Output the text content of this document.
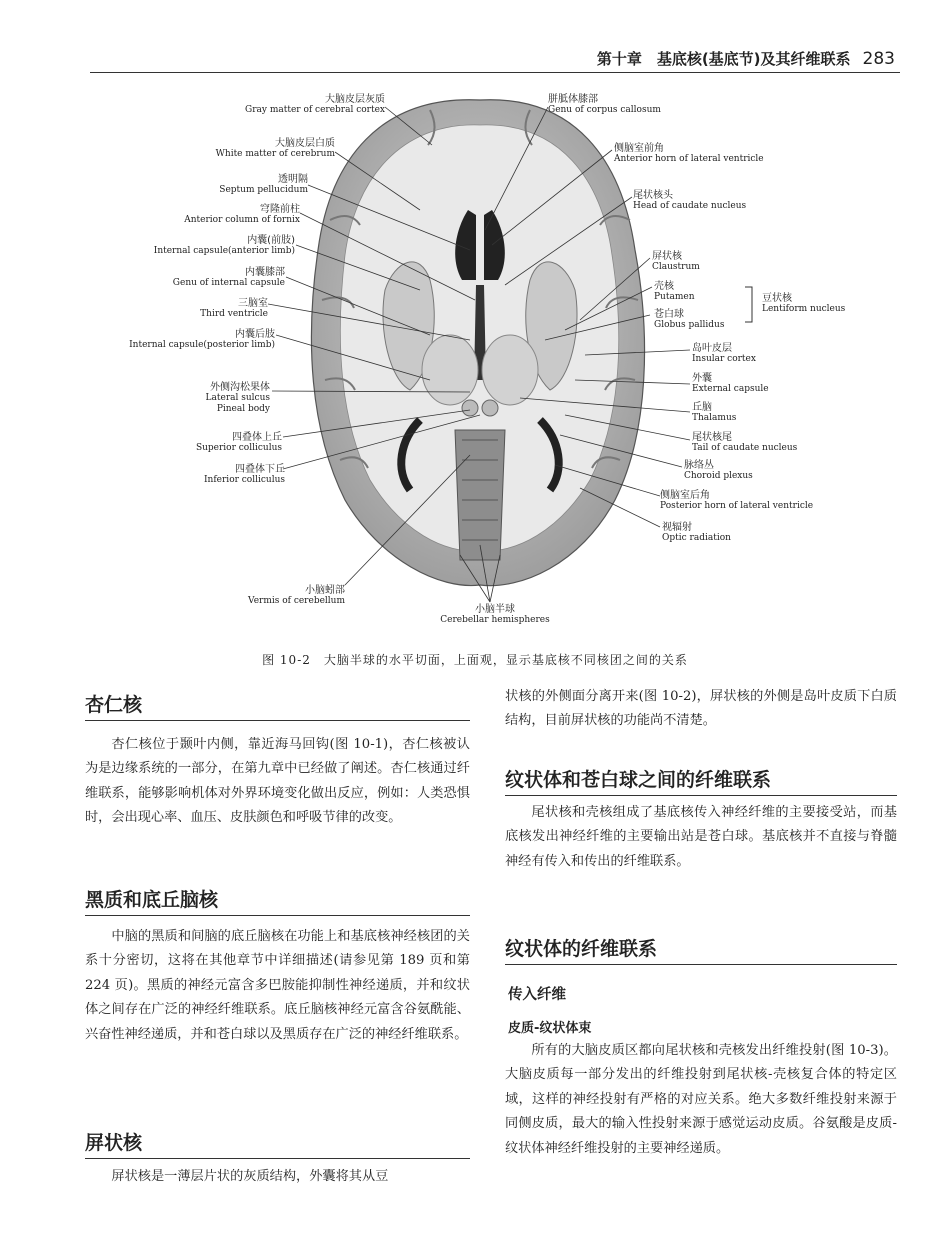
第十章　基底核(基底节)及其纤维联系 283
大脑皮层灰质
Gray matter of cerebral cortex
大脑皮层白质
White matter of cerebrum
透明隔
Septum pellucidum
穹隆前柱
Anterior column of fornix
内囊(前肢)
Internal capsule(anterior limb)
内囊膝部
Genu of internal capsule
三脑室
Third ventricle
内囊后肢
Internal capsule(posterior limb)
外侧沟松果体
Lateral sulcus
Pineal body
四叠体上丘
Superior colliculus
四叠体下丘
Inferior colliculus
胼胝体膝部
Genu of corpus callosum
侧脑室前角
Anterior horn of lateral ventricle
尾状核头
Head of caudate nucleus
屏状核
Claustrum
壳核
Putamen
苍白球
Globus pallidus
豆状核
Lentiform nucleus
岛叶皮层
Insular cortex
外囊
External capsule
丘脑
Thalamus
尾状核尾
Tail of caudate nucleus
脉络丛
Choroid plexus
侧脑室后角
Posterior horn of lateral ventricle
视辐射
Optic radiation
小脑蚓部
Vermis of cerebellum
小脑半球
Cerebellar hemispheres
图 10-2　大脑半球的水平切面，上面观，显示基底核不同核团之间的关系
杏仁核
杏仁核位于颞叶内侧，靠近海马回钩(图 10-1)，杏仁核被认为是边缘系统的一部分，在第九章中已经做了阐述。杏仁核通过纤维联系，能够影响机体对外界环境变化做出反应，例如：人类恐惧时，会出现心率、血压、皮肤颜色和呼吸节律的改变。
黑质和底丘脑核
中脑的黑质和间脑的底丘脑核在功能上和基底核神经核团的关系十分密切，这将在其他章节中详细描述(请参见第 189 页和第 224 页)。黑质的神经元富含多巴胺能抑制性神经递质，并和纹状体之间存在广泛的神经纤维联系。底丘脑核神经元富含谷氨酰能、兴奋性神经递质，并和苍白球以及黑质存在广泛的神经纤维联系。
屏状核
屏状核是一薄层片状的灰质结构，外囊将其从豆
状核的外侧面分离开来(图 10-2)，屏状核的外侧是岛叶皮质下白质结构，目前屏状核的功能尚不清楚。
纹状体和苍白球之间的纤维联系
尾状核和壳核组成了基底核传入神经纤维的主要接受站，而基底核发出神经纤维的主要输出站是苍白球。基底核并不直接与脊髓神经有传入和传出的纤维联系。
纹状体的纤维联系
传入纤维
皮质-纹状体束
所有的大脑皮质区都向尾状核和壳核发出纤维投射(图 10-3)。大脑皮质每一部分发出的纤维投射到尾状核-壳核复合体的特定区域，这样的神经投射有严格的对应关系。绝大多数纤维投射来源于同侧皮质，最大的输入性投射来源于感觉运动皮质。谷氨酸是皮质-纹状体神经纤维投射的主要神经递质。
